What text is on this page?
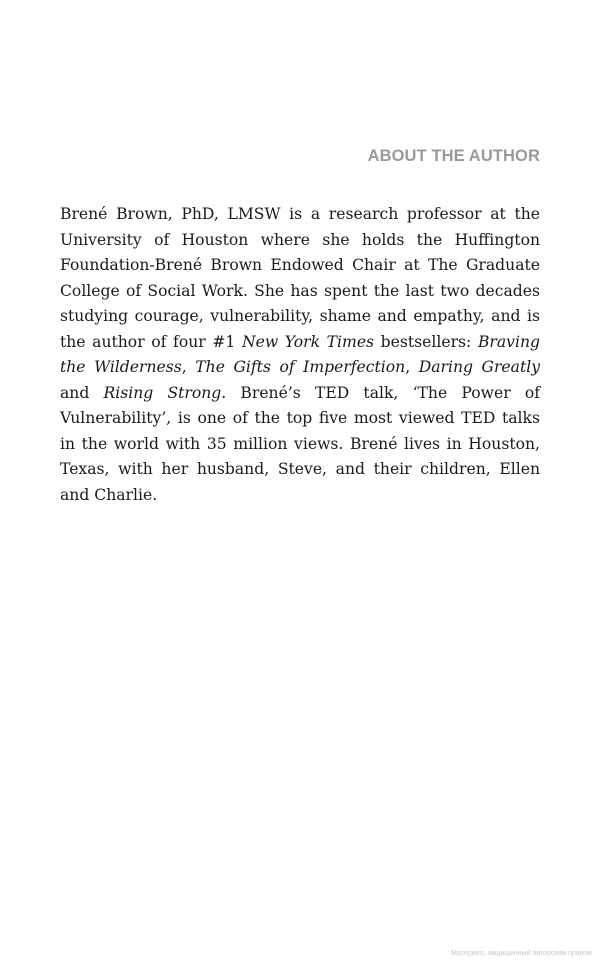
ABOUT THE AUTHOR

Brené Brown, PhD, LMSW is a research professor at the University of Houston where she holds the Huffington Foundation-Brené Brown Endowed Chair at The Graduate College of Social Work. She has spent the last two decades studying courage, vulnerability, shame and empathy, and is the author of four #1 New York Times bestsellers: Braving the Wilderness, The Gifts of Imperfection, Daring Greatly and Rising Strong. Brené’s TED talk, ‘The Power of Vulnerability’, is one of the top five most viewed TED talks in the world with 35 million views. Brené lives in Houston, Texas, with her husband, Steve, and their children, Ellen and Charlie.

Материал, защищенный авторским правом
